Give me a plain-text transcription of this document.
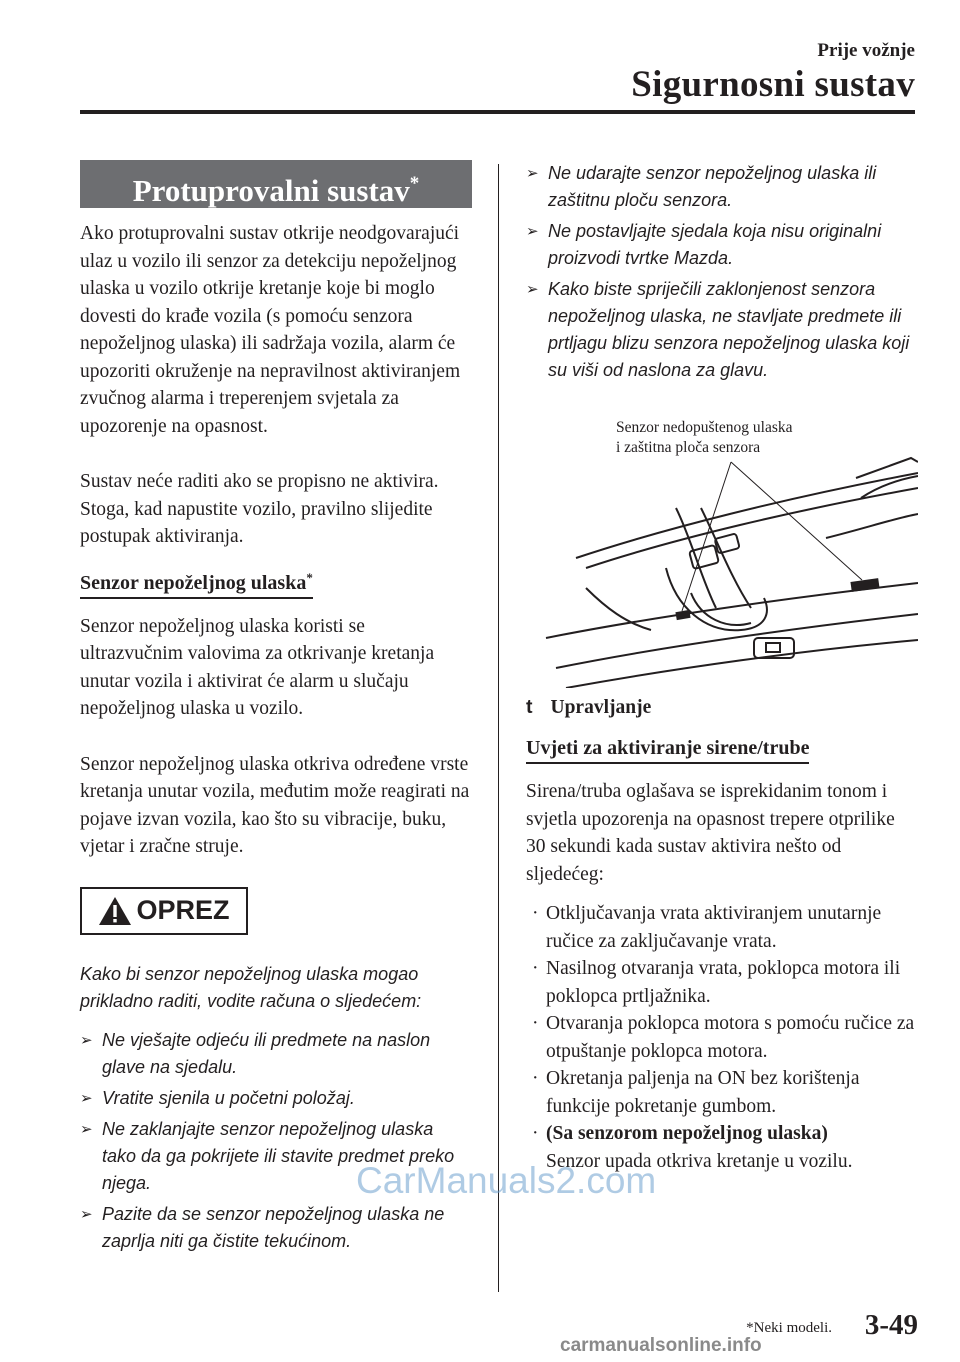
Prije vožnje
Sigurnosni sustav
Protuprovalni sustav*

Ako protuprovalni sustav otkrije neodgovarajući ulaz u vozilo ili senzor za detekciju nepoželjnog ulaska u vozilo otkrije kretanje koje bi moglo dovesti do krađe vozila (s pomoću senzora nepoželjnog ulaska) ili sadržaja vozila, alarm će upozoriti okruženje na nepravilnost aktiviranjem zvučnog alarma i treperenjem svjetala za upozorenje na opasnost.

Sustav neće raditi ako se propisno ne aktivira. Stoga, kad napustite vozilo, pravilno slijedite postupak aktiviranja.

Senzor nepoželjnog ulaska*

Senzor nepoželjnog ulaska koristi se ultrazvučnim valovima za otkrivanje kretanja unutar vozila i aktivirat će alarm u slučaju nepoželjnog ulaska u vozilo.

Senzor nepoželjnog ulaska otkriva određene vrste kretanja unutar vozila, međutim može reagirati na pojave izvan vozila, kao što su vibracije, buku, vjetar i zračne struje.

OPREZ
Kako bi senzor nepoželjnog ulaska mogao prikladno raditi, vodite računa o sljedećem:
➢ Ne vješajte odjeću ili predmete na naslon glave na sjedalu.
➢ Vratite sjenila u početni položaj.
➢ Ne zaklanjajte senzor nepoželjnog ulaska tako da ga pokrijete ili stavite predmet preko njega.
➢ Pazite da se senzor nepoželjnog ulaska ne zaprlja niti ga čistite tekućinom.
➢ Ne udarajte senzor nepoželjnog ulaska ili zaštitnu ploču senzora.
➢ Ne postavljajte sjedala koja nisu originalni proizvodi tvrtke Mazda.
➢ Kako biste spriječili zaklonjenost senzora nepoželjnog ulaska, ne stavljate predmete ili prtljagu blizu senzora nepoželjnog ulaska koji su viši od naslona za glavu.
Senzor nedopuštenog ulaska
i zaštitna ploča senzora
t Upravljanje
Uvjeti za aktiviranje sirene/trube

Sirena/truba oglašava se isprekidanim tonom i svjetla upozorenja na opasnost trepere otprilike 30 sekundi kada sustav aktivira nešto od sljedećeg:

· Otključavanja vrata aktiviranjem unutarnje ručice za zaključavanje vrata.
· Nasilnog otvaranja vrata, poklopca motora ili poklopca prtljažnika.
· Otvaranja poklopca motora s pomoću ručice za otpuštanje poklopca motora.
· Okretanja paljenja na ON bez korištenja funkcije pokretanje gumbom.
· (Sa senzorom nepoželjnog ulaska)
Senzor upada otkriva kretanje u vozilu.
CarManuals2.com
*Neki modeli. 3-49
carmanualsonline.info
